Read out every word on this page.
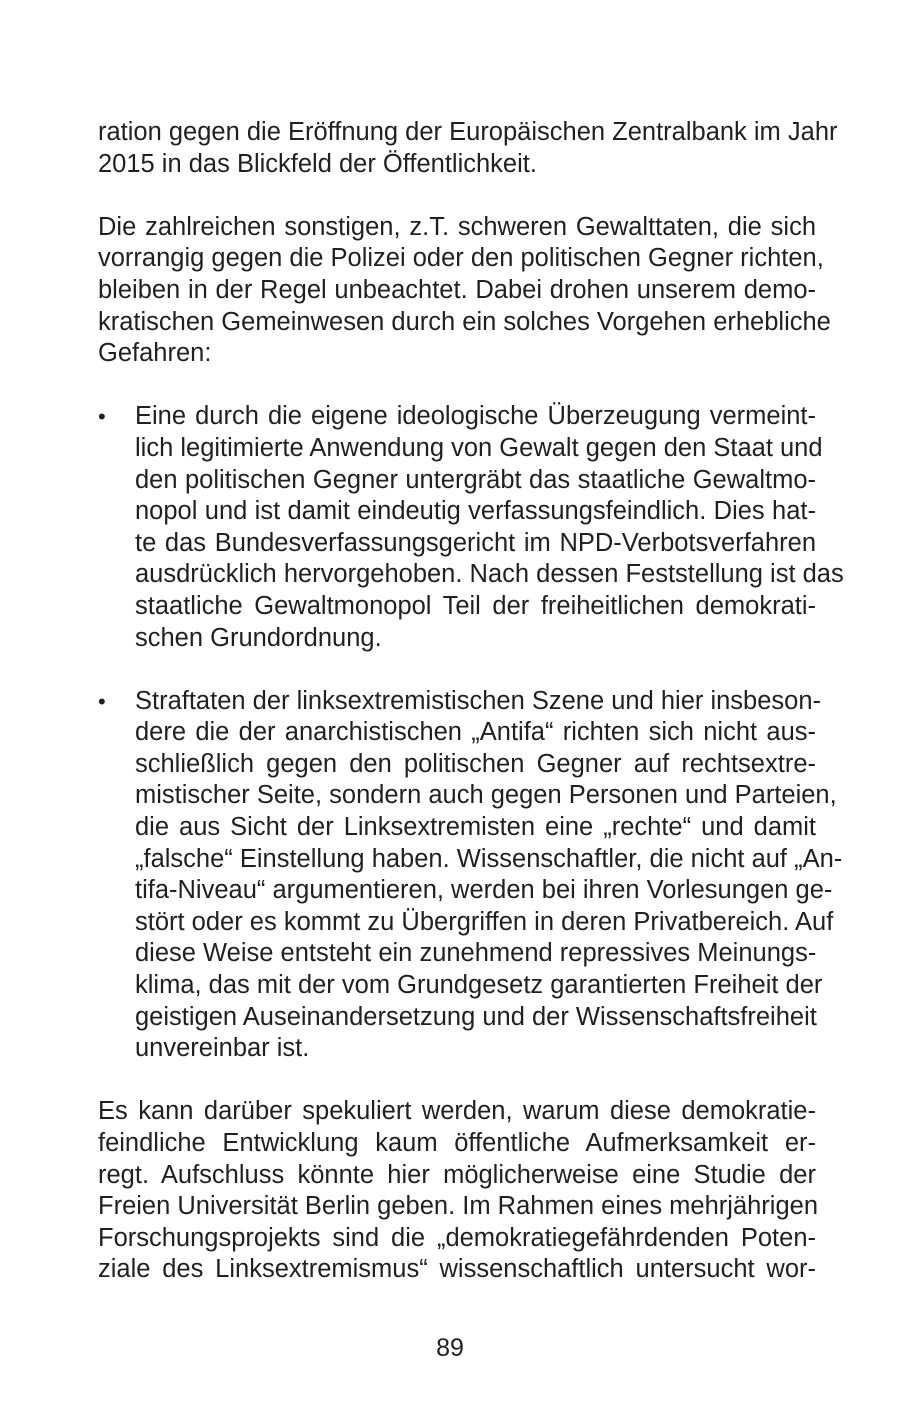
ration gegen die Eröffnung der Europäischen Zentralbank im Jahr
2015 in das Blickfeld der Öffentlichkeit.
Die zahlreichen sonstigen, z.T. schweren Gewalttaten, die sich
vorrangig gegen die Polizei oder den politischen Gegner richten,
bleiben in der Regel unbeachtet. Dabei drohen unserem demo-
kratischen Gemeinwesen durch ein solches Vorgehen erhebliche
Gefahren:
• Eine durch die eigene ideologische Überzeugung vermeint-
lich legitimierte Anwendung von Gewalt gegen den Staat und
den politischen Gegner untergräbt das staatliche Gewaltmo-
nopol und ist damit eindeutig verfassungsfeindlich. Dies hat-
te das Bundesverfassungsgericht im NPD-Verbotsverfahren
ausdrücklich hervorgehoben. Nach dessen Feststellung ist das
staatliche Gewaltmonopol Teil der freiheitlichen demokrati-
schen Grundordnung.
• Straftaten der linksextremistischen Szene und hier insbeson-
dere die der anarchistischen „Antifa“ richten sich nicht aus-
schließlich gegen den politischen Gegner auf rechtsextre-
mistischer Seite, sondern auch gegen Personen und Parteien,
die aus Sicht der Linksextremisten eine „rechte“ und damit
„falsche“ Einstellung haben. Wissenschaftler, die nicht auf „An-
tifa-Niveau“ argumentieren, werden bei ihren Vorlesungen ge-
stört oder es kommt zu Übergriffen in deren Privatbereich. Auf
diese Weise entsteht ein zunehmend repressives Meinungs-
klima, das mit der vom Grundgesetz garantierten Freiheit der
geistigen Auseinandersetzung und der Wissenschaftsfreiheit
unvereinbar ist.
Es kann darüber spekuliert werden, warum diese demokratie-
feindliche Entwicklung kaum öffentliche Aufmerksamkeit er-
regt. Aufschluss könnte hier möglicherweise eine Studie der
Freien Universität Berlin geben. Im Rahmen eines mehrjährigen
Forschungsprojekts sind die „demokratiegefährdenden Poten-
ziale des Linksextremismus“ wissenschaftlich untersucht wor-
89
